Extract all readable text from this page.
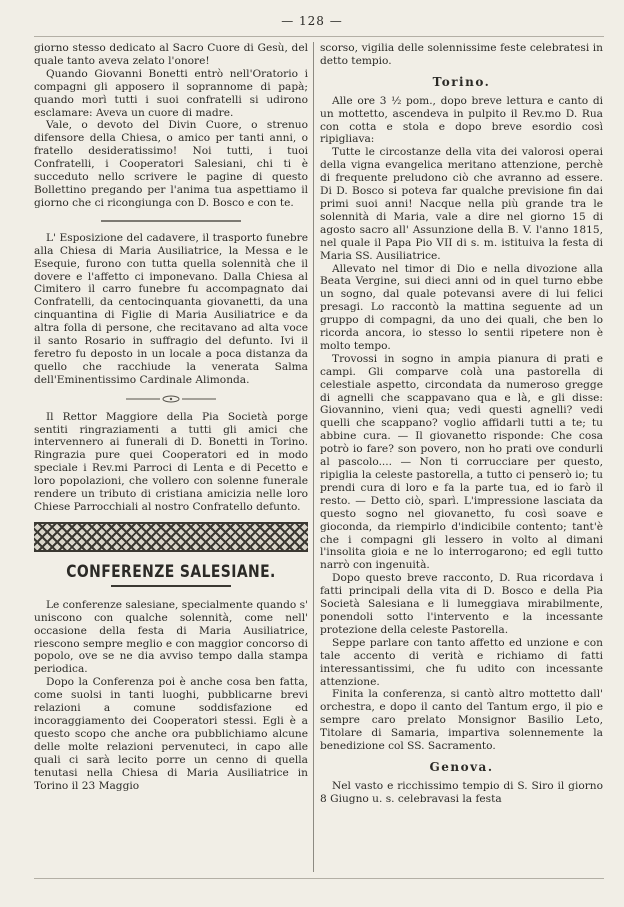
— 128 —

giorno stesso dedicato al Sacro Cuore di Gesù, del quale tanto aveva zelato l'onore!

Quando Giovanni Bonetti entrò nell'Oratorio i compagni gli apposero il soprannome di papà; quando morì tutti i suoi confratelli si udirono esclamare: Aveva un cuore di madre.

Vale, o devoto del Divin Cuore, o strenuo difensore della Chiesa, o amico per tanti anni, o fratello desideratissimo! Noi tutti, i tuoi Confratelli, i Cooperatori Salesiani, chi ti è succeduto nello scrivere le pagine di questo Bollettino pregando per l'anima tua aspettiamo il giorno che ci ricongiunga con D. Bosco e con te.

L' Esposizione del cadavere, il trasporto funebre alla Chiesa di Maria Ausiliatrice, la Messa e le Esequie, furono con tutta quella solennità che il dovere e l'affetto ci imponevano. Dalla Chiesa al Cimitero il carro funebre fu accompagnato dai Confratelli, da centocinquanta giovanetti, da una cinquantina di Figlie di Maria Ausiliatrice e da altra folla di persone, che recitavano ad alta voce il santo Rosario in suffragio del defunto. Ivi il feretro fu deposto in un locale a poca distanza da quello che racchiude la venerata Salma dell'Eminentissimo Cardinale Alimonda.

Il Rettor Maggiore della Pia Società porge sentiti ringraziamenti a tutti gli amici che intervennero ai funerali di D. Bonetti in Torino. Ringrazia pure quei Cooperatori ed in modo speciale i Rev.mi Parroci di Lenta e di Pecetto e loro popolazioni, che vollero con solenne funerale rendere un tributo di cristiana amicizia nelle loro Chiese Parrocchiali al nostro Confratello defunto.

CONFERENZE SALESIANE.

Le conferenze salesiane, specialmente quando s' uniscono con qualche solennità, come nell' occasione della festa di Maria Ausiliatrice, riescono sempre meglio e con maggior concorso di popolo, ove se ne dia avviso tempo dalla stampa periodica.

Dopo la Conferenza poi è anche cosa ben fatta, come suolsi in tanti luoghi, pubblicarne brevi relazioni a comune soddisfazione ed incoraggiamento dei Cooperatori stessi. Egli è a questo scopo che anche ora pubblichiamo alcune delle molte relazioni pervenuteci, in capo alle quali ci sarà lecito porre un cenno di quella tenutasi nella Chiesa di Maria Ausiliatrice in Torino il 23 Maggio

scorso, vigilia delle solennissime feste celebratesi in detto tempio.

Torino.

Alle ore 3 ½ pom., dopo breve lettura e canto di un mottetto, ascendeva in pulpito il Rev.mo D. Rua con cotta e stola e dopo breve esordio così ripigliava:

Tutte le circostanze della vita dei valorosi operai della vigna evangelica meritano attenzione, perchè di frequente preludono ciò che avranno ad essere. Di D. Bosco si poteva far qualche previsione fin dai primi suoi anni! Nacque nella più grande tra le solennità di Maria, vale a dire nel giorno 15 di agosto sacro all' Assunzione della B. V. l'anno 1815, nel quale il Papa Pio VII di s. m. istituiva la festa di Maria SS. Ausiliatrice.

Allevato nel timor di Dio e nella divozione alla Beata Vergine, sui dieci anni od in quel turno ebbe un sogno, dal quale potevansi avere di lui felici presagi. Lo raccontò la mattina seguente ad un gruppo di compagni, da uno dei quali, che ben lo ricorda ancora, io stesso lo sentii ripetere non è molto tempo.

Trovossi in sogno in ampia pianura di prati e campi. Gli comparve colà una pastorella di celestiale aspetto, circondata da numeroso gregge di agnelli che scappavano qua e là, e gli disse: Giovannino, vieni qua; vedi questi agnelli? vedi quelli che scappano? voglio affidarli tutti a te; tu abbine cura. — Il giovanetto risponde: Che cosa potrò io fare? son povero, non ho prati ove condurli al pascolo.... — Non ti corrucciare per questo, ripiglia la celeste pastorella, a tutto ci penserò io; tu prendi cura di loro e fa la parte tua, ed io farò il resto. — Detto ciò, sparì. L'impressione lasciata da questo sogno nel giovanetto, fu così soave e gioconda, da riempirlo d'indicibile contento; tant'è che i compagni gli lessero in volto al dimani l'insolita gioia e ne lo interrogarono; ed egli tutto narrò con ingenuità.

Dopo questo breve racconto, D. Rua ricordava i fatti principali della vita di D. Bosco e della Pia Società Salesiana e li lumeggiava mirabilmente, ponendoli sotto l'intervento e la incessante protezione della celeste Pastorella.

Seppe parlare con tanto affetto ed unzione e con tale accento di verità e richiamo di fatti interessantissimi, che fu udito con incessante attenzione.

Finita la conferenza, si cantò altro mottetto dall' orchestra, e dopo il canto del Tantum ergo, il pio e sempre caro prelato Monsignor Basilio Leto, Titolare di Samaria, impartiva solennemente la benedizione col SS. Sacramento.

Genova.

Nel vasto e ricchissimo tempio di S. Siro il giorno 8 Giugno u. s. celebravasi la festa
